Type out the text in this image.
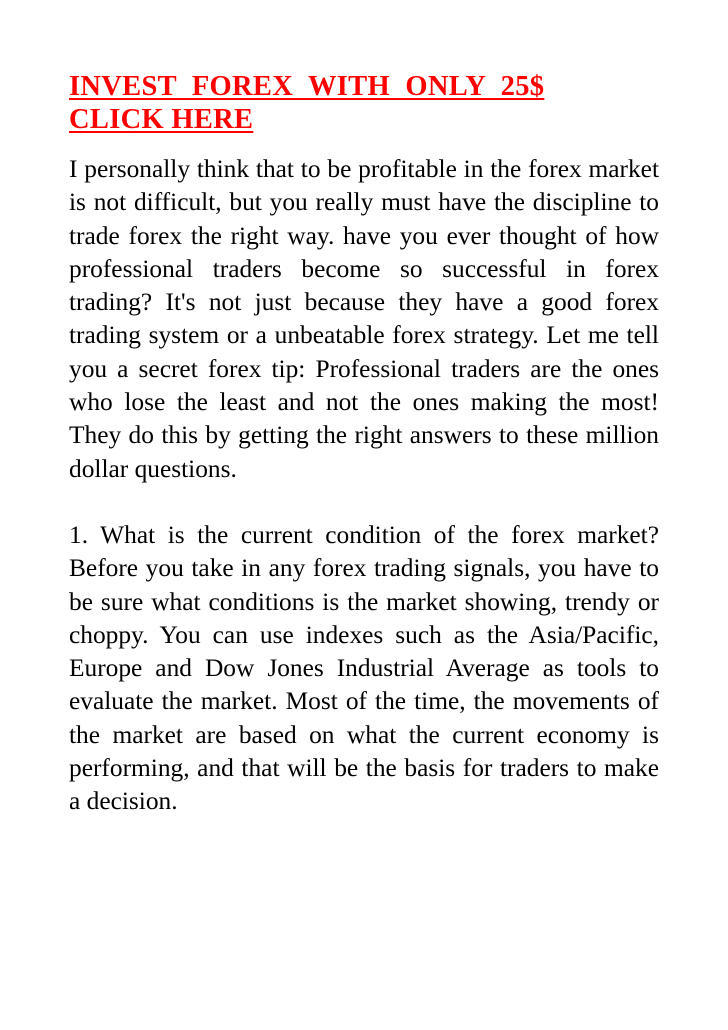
INVEST FOREX WITH ONLY 25$
CLICK HERE

I personally think that to be profitable in the forex market is not difficult, but you really must have the discipline to trade forex the right way. have you ever thought of how professional traders become so successful in forex trading? It's not just because they have a good forex trading system or a unbeatable forex strategy. Let me tell you a secret forex tip: Professional traders are the ones who lose the least and not the ones making the most! They do this by getting the right answers to these million dollar questions.

1. What is the current condition of the forex market? Before you take in any forex trading signals, you have to be sure what conditions is the market showing, trendy or choppy. You can use indexes such as the Asia/Pacific, Europe and Dow Jones Industrial Average as tools to evaluate the market. Most of the time, the movements of the market are based on what the current economy is performing, and that will be the basis for traders to make a decision.
